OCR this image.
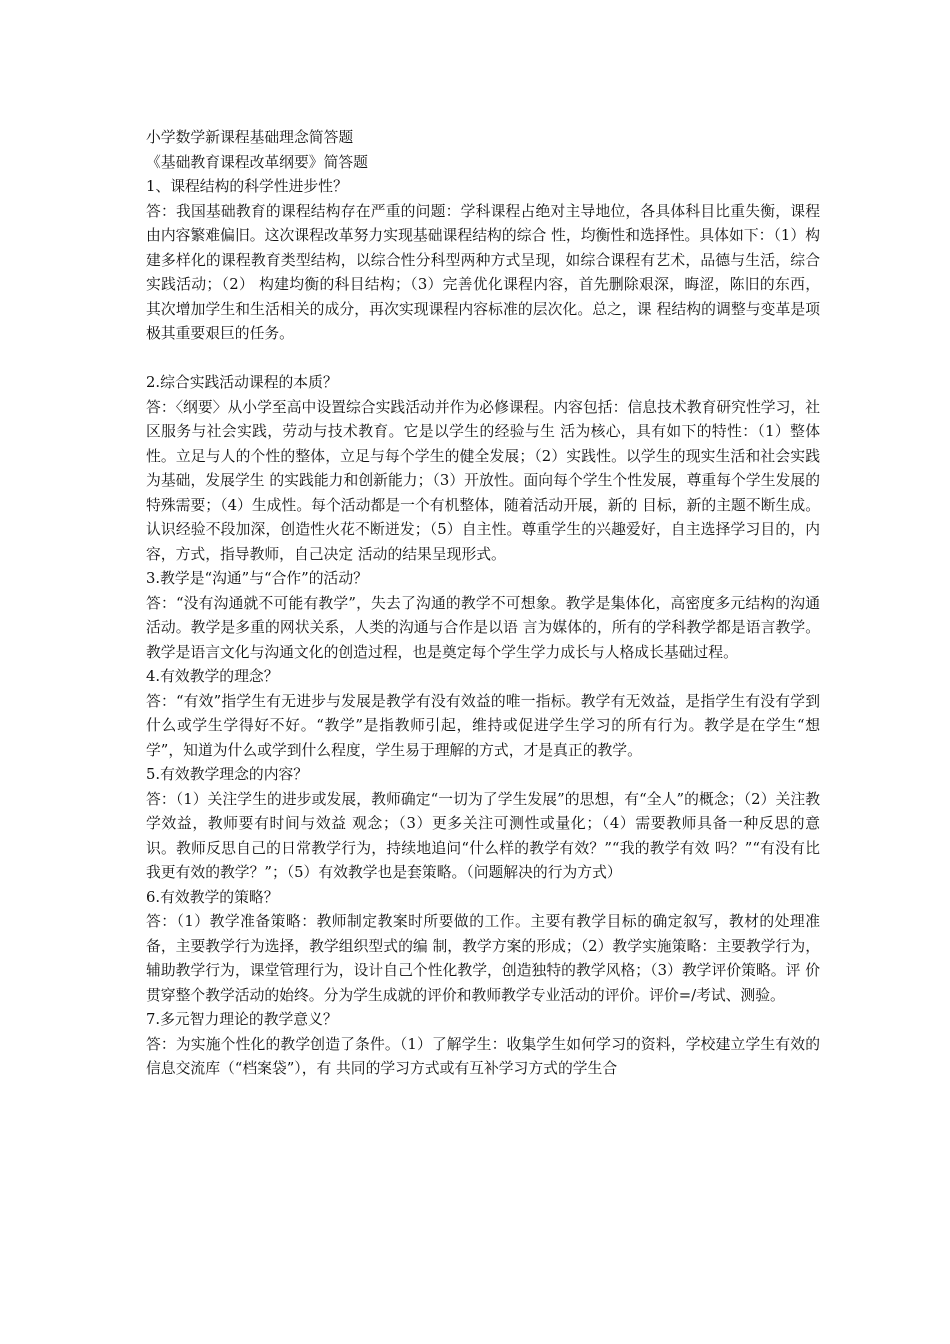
小学数学新课程基础理念简答题

《基础教育课程改革纲要》简答题

1、课程结构的科学性进步性？

答：我国基础教育的课程结构存在严重的问题：学科课程占绝对主导地位，各具体科目比重失衡，课程由内容繁难偏旧。这次课程改革努力实现基础课程结构的综合 性，均衡性和选择性。具体如下：（1）构建多样化的课程教育类型结构，以综合性分科型两种方式呈现，如综合课程有艺术，品德与生活，综合实践活动；（2） 构建均衡的科目结构；（3）完善优化课程内容，首先删除艰深，晦涩，陈旧的东西，其次增加学生和生活相关的成分，再次实现课程内容标准的层次化。总之，课 程结构的调整与变革是项极其重要艰巨的任务。

2.综合实践活动课程的本质？

答：〈纲要〉从小学至高中设置综合实践活动并作为必修课程。内容包括：信息技术教育研究性学习，社区服务与社会实践，劳动与技术教育。它是以学生的经验与生 活为核心，具有如下的特性：（1）整体性。立足与人的个性的整体，立足与每个学生的健全发展；（2）实践性。以学生的现实生活和社会实践为基础，发展学生 的实践能力和创新能力；（3）开放性。面向每个学生个性发展，尊重每个学生发展的特殊需要；（4）生成性。每个活动都是一个有机整体，随着活动开展，新的 目标，新的主题不断生成。认识经验不段加深，创造性火花不断迸发；（5）自主性。尊重学生的兴趣爱好，自主选择学习目的，内容，方式，指导教师，自己决定 活动的结果呈现形式。

3.教学是“沟通”与“合作”的活动？

答：“没有沟通就不可能有教学”，失去了沟通的教学不可想象。教学是集体化，高密度多元结构的沟通活动。教学是多重的网状关系，人类的沟通与合作是以语 言为媒体的，所有的学科教学都是语言教学。教学是语言文化与沟通文化的创造过程，也是奠定每个学生学力成长与人格成长基础过程。

4.有效教学的理念？

答：“有效”指学生有无进步与发展是教学有没有效益的唯一指标。教学有无效益，是指学生有没有学到什么或学生学得好不好。“教学”是指教师引起，维持或促进学生学习的所有行为。教学是在学生“想学”，知道为什么或学到什么程度，学生易于理解的方式，才是真正的教学。

5.有效教学理念的内容？

答：（1）关注学生的进步或发展，教师确定“一切为了学生发展”的思想，有“全人”的概念；（2）关注教学效益，教师要有时间与效益 观念；（3）更多关注可测性或量化；（4）需要教师具备一种反思的意识。教师反思自己的日常教学行为，持续地追问“什么样的教学有效？”“我的教学有效 吗？”“有没有比我更有效的教学？”；（5）有效教学也是套策略。（问题解决的行为方式）

6.有效教学的策略？

答：（1）教学准备策略：教师制定教案时所要做的工作。主要有教学目标的确定叙写，教材的处理准备，主要教学行为选择，教学组织型式的编 制，教学方案的形成；（2）教学实施策略：主要教学行为，辅助教学行为，课堂管理行为，设计自己个性化教学，创造独特的教学风格；（3）教学评价策略。评 价贯穿整个教学活动的始终。分为学生成就的评价和教师教学专业活动的评价。评价=/考试、测验。

7.多元智力理论的教学意义？

答：为实施个性化的教学创造了条件。（1）了解学生：收集学生如何学习的资料，学校建立学生有效的信息交流库（“档案袋”），有 共同的学习方式或有互补学习方式的学生合
